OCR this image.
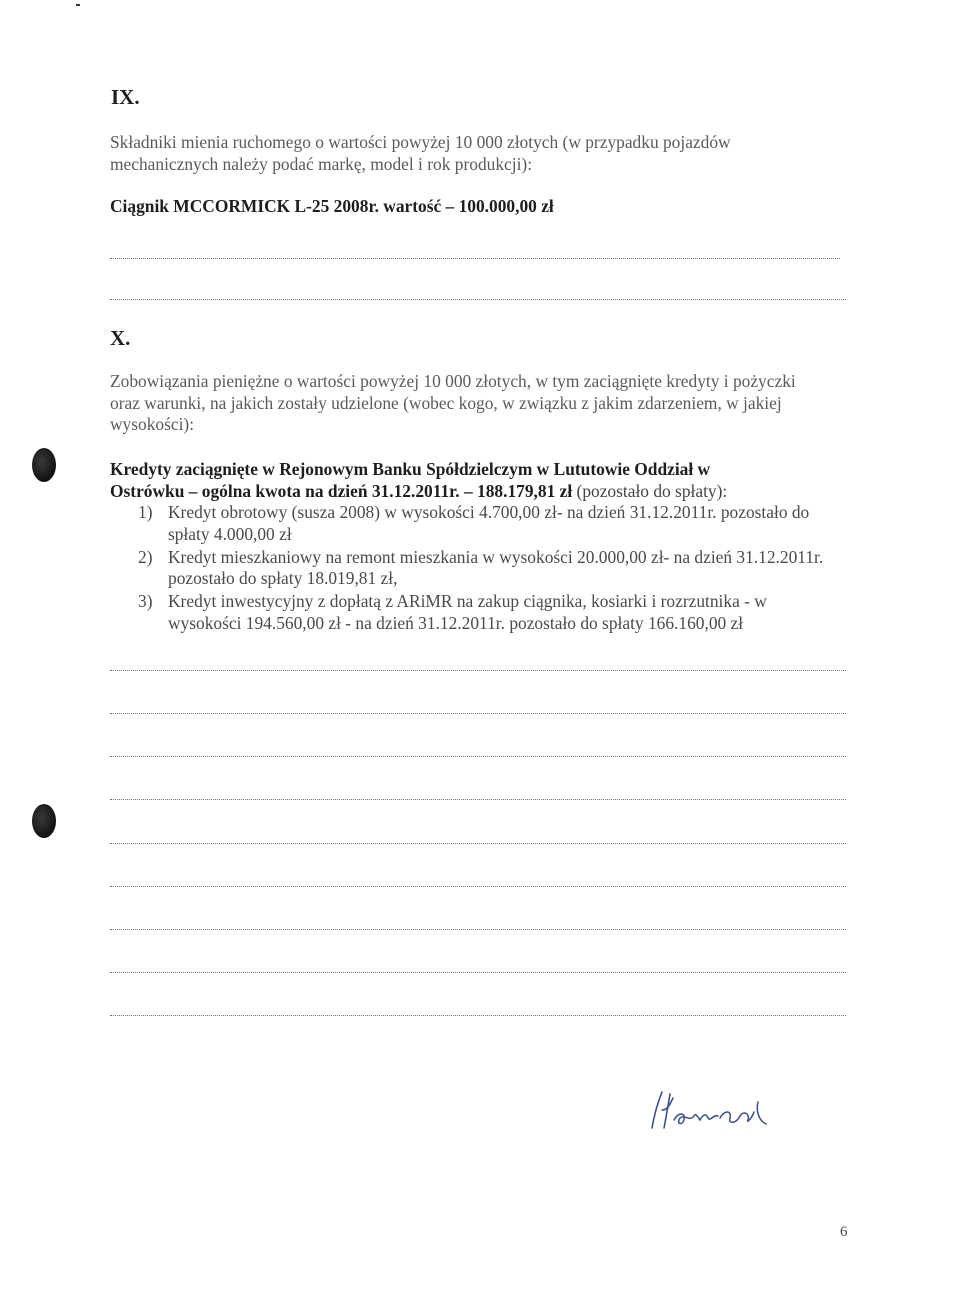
IX.
Składniki mienia ruchomego o wartości powyżej 10 000 złotych (w przypadku pojazdów mechanicznych należy podać markę, model i rok produkcji):
Ciągnik MCCORMICK L-25 2008r. wartość – 100.000,00 zł
X.
Zobowiązania pieniężne o wartości powyżej 10 000 złotych, w tym zaciągnięte kredyty i pożyczki oraz warunki, na jakich zostały udzielone (wobec kogo, w związku z jakim zdarzeniem, w jakiej wysokości):
Kredyty zaciągnięte w Rejonowym Banku Spółdzielczym w Lututowie Oddział w
Ostrówku – ogólna kwota na dzień 31.12.2011r. – 188.179,81 zł (pozostało do spłaty):
1) Kredyt obrotowy (susza 2008) w wysokości 4.700,00 zł- na dzień 31.12.2011r. pozostało do spłaty 4.000,00 zł
2) Kredyt mieszkaniowy na remont mieszkania w wysokości 20.000,00 zł- na dzień 31.12.2011r. pozostało do spłaty 18.019,81 zł,
3) Kredyt inwestycyjny z dopłatą z ARiMR na zakup ciągnika, kosiarki i rozrzutnika - w wysokości 194.560,00 zł - na dzień 31.12.2011r. pozostało do spłaty 166.160,00 zł
6
